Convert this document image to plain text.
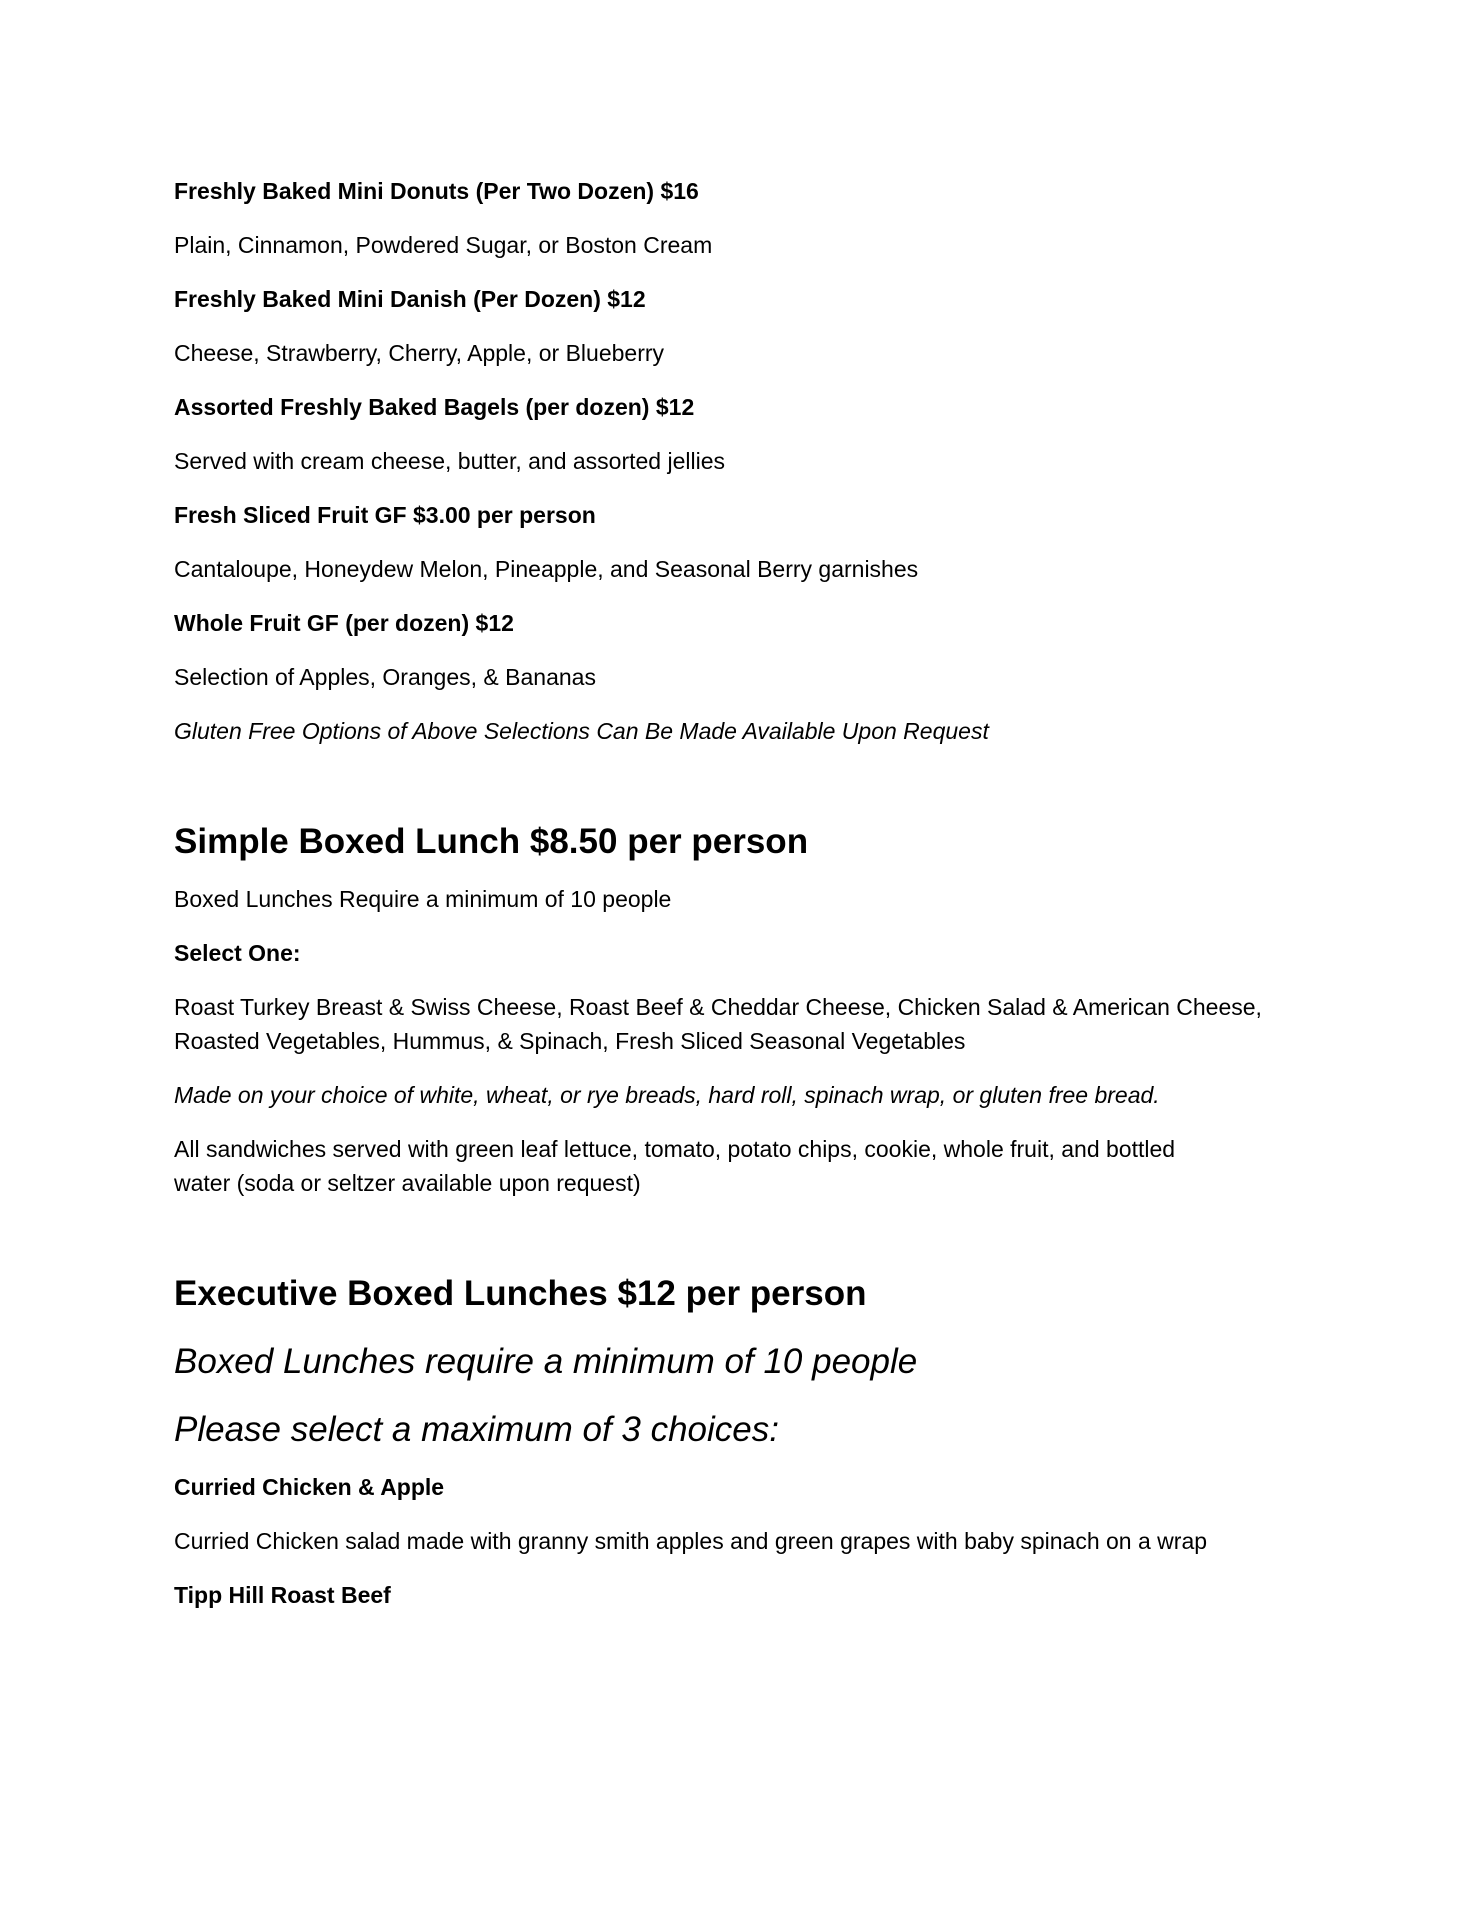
Freshly Baked Mini Donuts (Per Two Dozen) $16

Plain, Cinnamon, Powdered Sugar, or Boston Cream

Freshly Baked Mini Danish (Per Dozen) $12

Cheese, Strawberry, Cherry, Apple, or Blueberry

Assorted Freshly Baked Bagels (per dozen) $12

Served with cream cheese, butter, and assorted jellies

Fresh Sliced Fruit GF $3.00 per person

Cantaloupe, Honeydew Melon, Pineapple, and Seasonal Berry garnishes

Whole Fruit GF (per dozen) $12

Selection of Apples, Oranges, & Bananas

Gluten Free Options of Above Selections Can Be Made Available Upon Request

Simple Boxed Lunch $8.50 per person

Boxed Lunches Require a minimum of 10 people

Select One:

Roast Turkey Breast & Swiss Cheese, Roast Beef & Cheddar Cheese, Chicken Salad & American Cheese,

Roasted Vegetables, Hummus, & Spinach, Fresh Sliced Seasonal Vegetables

Made on your choice of white, wheat, or rye breads, hard roll, spinach wrap, or gluten free bread.

All sandwiches served with green leaf lettuce, tomato, potato chips, cookie, whole fruit, and bottled

water (soda or seltzer available upon request)

Executive Boxed Lunches $12 per person

Boxed Lunches require a minimum of 10 people

Please select a maximum of 3 choices:

Curried Chicken & Apple

Curried Chicken salad made with granny smith apples and green grapes with baby spinach on a wrap

Tipp Hill Roast Beef
